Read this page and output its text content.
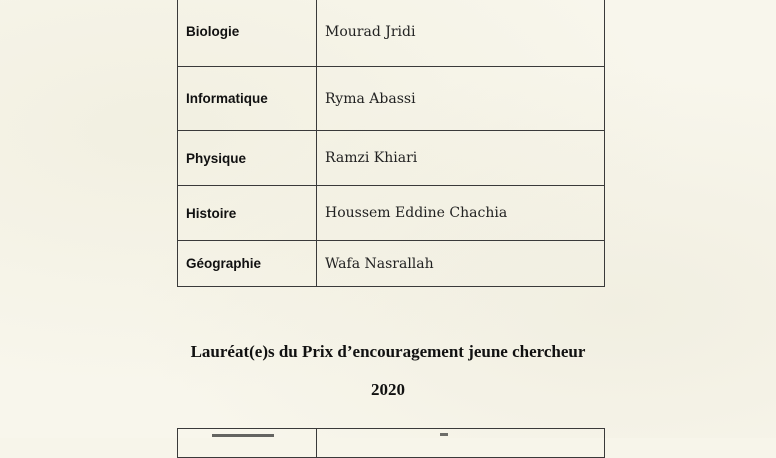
Biologie	Mourad Jridi
Informatique	Ryma Abassi
Physique	Ramzi Khiari
Histoire	Houssem Eddine Chachia
Géographie	Wafa Nasrallah
Lauréat(e)s du Prix d’encouragement jeune chercheur
2020
